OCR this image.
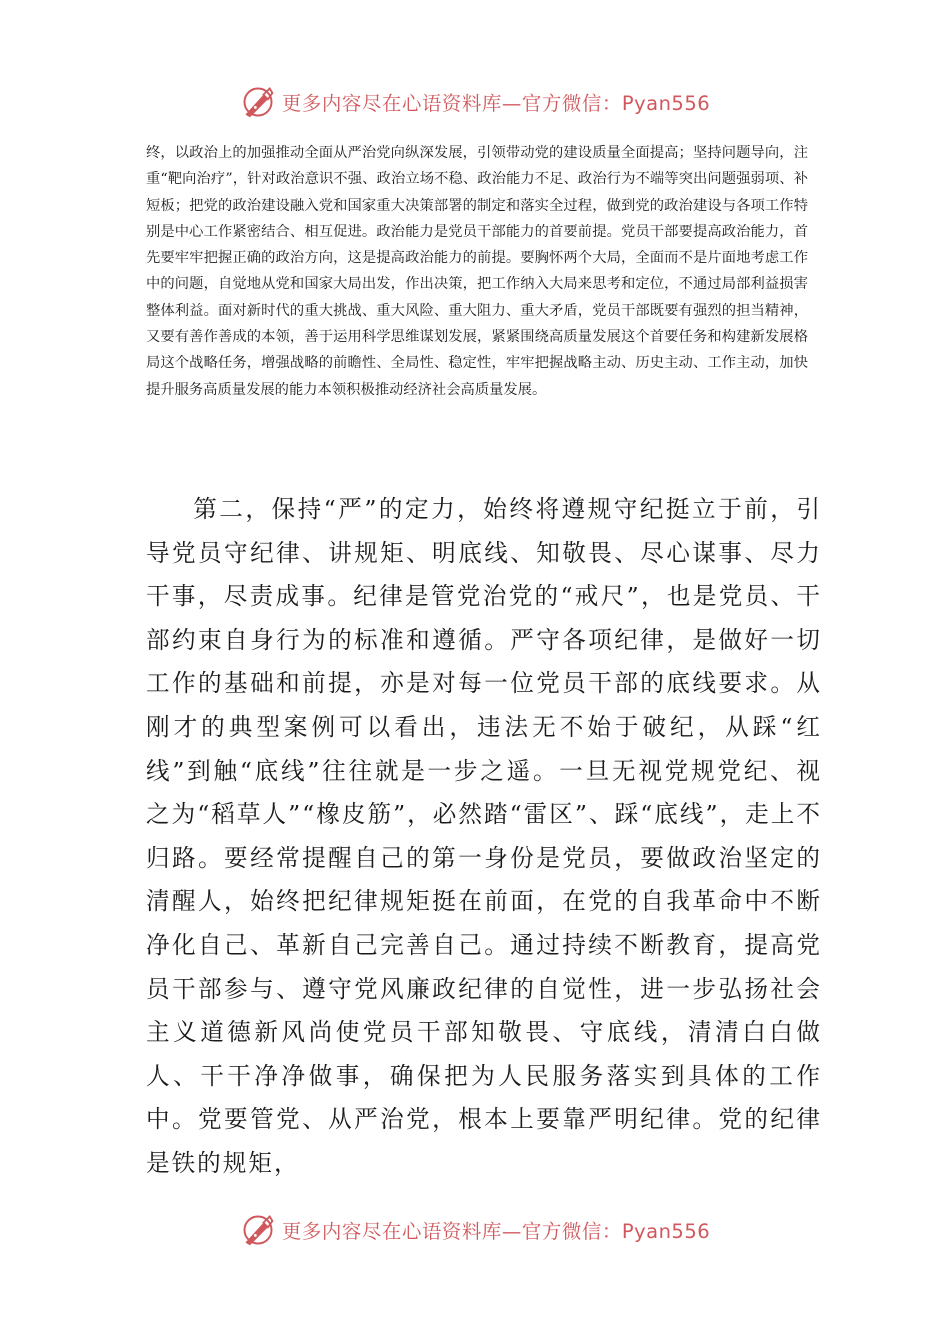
更多内容尽在心语资料库—官方微信：Pyan556

终，以政治上的加强推动全面从严治党向纵深发展，引领带动党的建设质量全面提高；坚持问题导向，注重“靶向治疗”，针对政治意识不强、政治立场不稳、政治能力不足、政治行为不端等突出问题强弱项、补短板；把党的政治建设融入党和国家重大决策部署的制定和落实全过程，做到党的政治建设与各项工作特别是中心工作紧密结合、相互促进。政治能力是党员干部能力的首要前提。党员干部要提高政治能力，首先要牢牢把握正确的政治方向，这是提高政治能力的前提。要胸怀两个大局，全面而不是片面地考虑工作中的问题，自觉地从党和国家大局出发，作出决策，把工作纳入大局来思考和定位，不通过局部利益损害整体利益。面对新时代的重大挑战、重大风险、重大阻力、重大矛盾，党员干部既要有强烈的担当精神，又要有善作善成的本领，善于运用科学思维谋划发展，紧紧围绕高质量发展这个首要任务和构建新发展格局这个战略任务，增强战略的前瞻性、全局性、稳定性，牢牢把握战略主动、历史主动、工作主动，加快提升服务高质量发展的能力本领积极推动经济社会高质量发展。

第二，保持“严”的定力，始终将遵规守纪挺立于前，引导党员守纪律、讲规矩、明底线、知敬畏、尽心谋事、尽力干事，尽责成事。纪律是管党治党的“戒尺”，也是党员、干部约束自身行为的标准和遵循。严守各项纪律，是做好一切工作的基础和前提，亦是对每一位党员干部的底线要求。从刚才的典型案例可以看出，违法无不始于破纪，从踩“红线”到触“底线”往往就是一步之遥。一旦无视党规党纪、视之为“稻草人”“橡皮筋”，必然踏“雷区”、踩“底线”，走上不归路。要经常提醒自己的第一身份是党员，要做政治坚定的清醒人，始终把纪律规矩挺在前面，在党的自我革命中不断净化自己、革新自己完善自己。通过持续不断教育，提高党员干部参与、遵守党风廉政纪律的自觉性，进一步弘扬社会主义道德新风尚使党员干部知敬畏、守底线，清清白白做人、干干净净做事，确保把为人民服务落实到具体的工作中。党要管党、从严治党，根本上要靠严明纪律。党的纪律是铁的规矩，

更多内容尽在心语资料库—官方微信：Pyan556
